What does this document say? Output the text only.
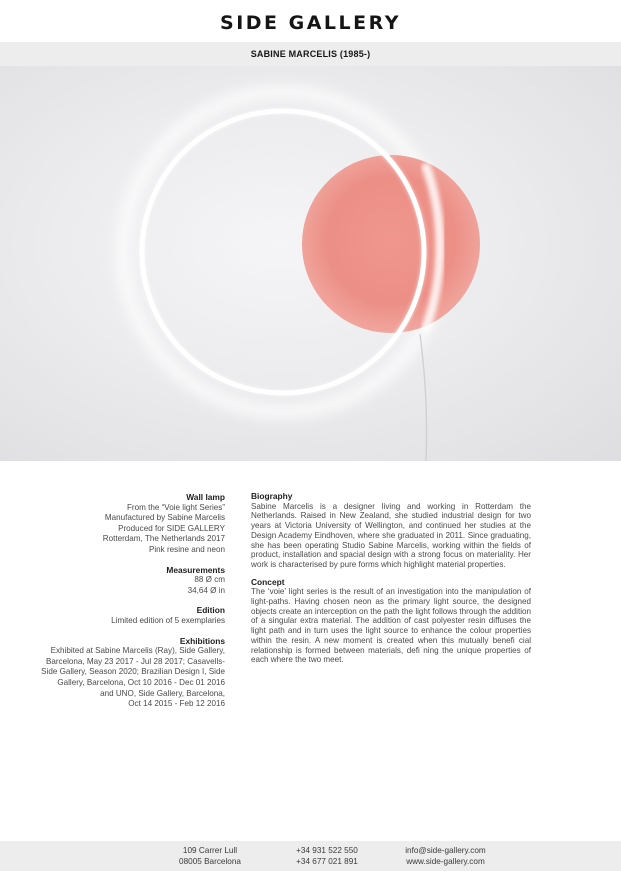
SIDE GALLERY
SABINE MARCELIS (1985-)
Wall lamp
From the “Voie light Series”
Manufactured by Sabine Marcelis
Produced for SIDE GALLERY
Rotterdam, The Netherlands 2017
Pink resine and neon
Measurements
88 Ø cm
34,64 Ø in
Edition
Limited edition of 5 exemplaries
Exhibitions
Exhibited at Sabine Marcelis (Ray), Side Gallery,
Barcelona, May 23 2017 - Jul 28 2017; Casavells-
Side Gallery, Season 2020; Brazilian Design I, Side
Gallery, Barcelona, Oct 10 2016 - Dec 01 2016
and UNO, Side Gallery, Barcelona,
Oct 14 2015 - Feb 12 2016
Biography

Sabine Marcelis is a designer living and working in Rotterdam the Netherlands. Raised in New Zealand, she studied industrial design for two years at Victoria University of Wellington, and continued her studies at the Design Academy Eindhoven, where she graduated in 2011. Since graduating, she has been operating Studio Sabine Marcelis, working within the fields of product, installation and spacial design with a strong focus on materiality. Her work is characterised by pure forms which highlight material properties.

Concept

The ‘voie’ light series is the result of an investigation into the manipulation of light-paths. Having chosen neon as the primary light source, the designed objects create an interception on the path the light follows through the addition of a singular extra material. The addition of cast polyester resin diffuses the light path and in turn uses the light source to enhance the colour properties within the resin. A new moment is created when this mutually benefi cial relationship is formed between materials, defi ning the unique properties of each where the two meet.

109 Carrer Lull
08005 Barcelona
+34 931 522 550
+34 677 021 891
info@side-gallery.com
www.side-gallery.com
